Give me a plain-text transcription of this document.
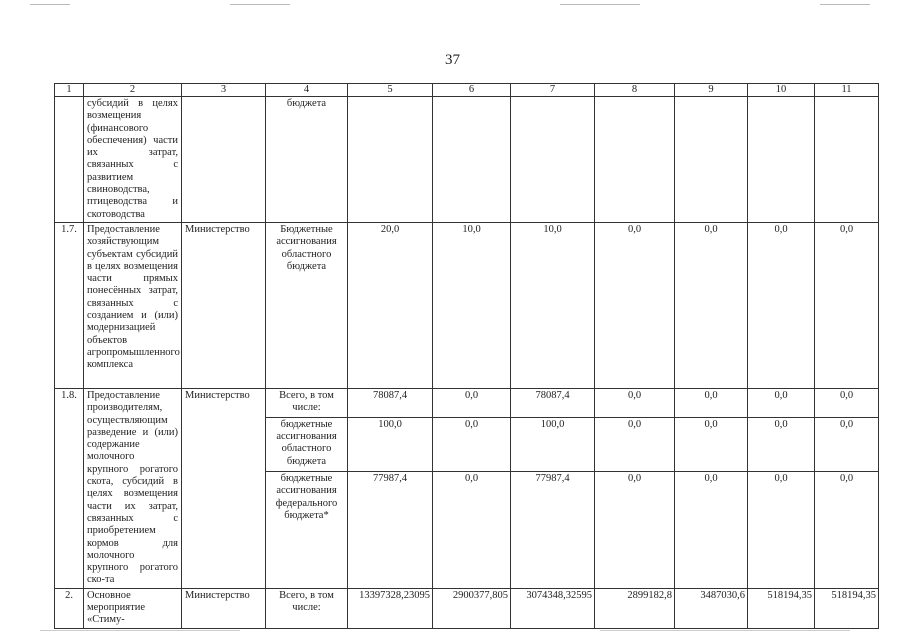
37
1	2	3	4	5	6	7	8	9	10	11
	субсидий в целях возмещения (финансового обеспечения) части их затрат, связанных с развитием свиноводства, птицеводства и скотоводства		бюджета							
1.7.	Предоставление хозяйствующим субъектам субсидий в целях возмещения части прямых понесённых затрат, связанных с созданием и (или) модернизацией объектов агропромышленного комплекса	Министерство	Бюджетные ассигнования областного бюджета	20,0	10,0	10,0	0,0	0,0	0,0	0,0
1.8.	Предоставление производителям, осуществляющим разведение и (или) содержание молочного крупного рогатого скота, субсидий в целях возмещения части их затрат, связанных с приобретением кормов для молочного крупного рогатого ско-та	Министерство	Всего, в том числе:	78087,4	0,0	78087,4	0,0	0,0	0,0	0,0
			бюджетные ассигнования областного бюджета	100,0	0,0	100,0	0,0	0,0	0,0	0,0
			бюджетные ассигнования федерального бюджета*	77987,4	0,0	77987,4	0,0	0,0	0,0	0,0
2.	Основное мероприятие «Стиму-	Министерство	Всего, в том числе:	13397328,23095	2900377,805	3074348,32595	2899182,8	3487030,6	518194,35	518194,35
